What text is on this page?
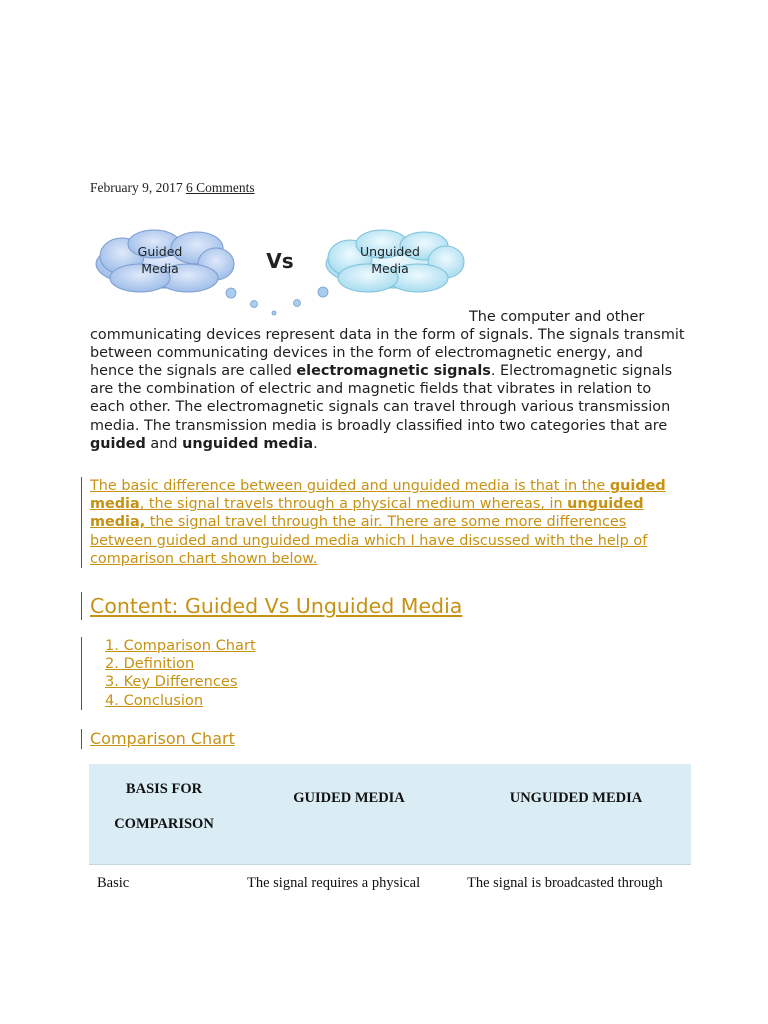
February 9, 2017 6 Comments
Guided
Media	Vs	Unguided
Media
The computer and other communicating devices represent data in the form of signals. The signals transmit between communicating devices in the form of electromagnetic energy, and hence the signals are called electromagnetic signals. Electromagnetic signals are the combination of electric and magnetic fields that vibrates in relation to each other. The electromagnetic signals can travel through various transmission media. The transmission media is broadly classified into two categories that are guided and unguided media.
The basic difference between guided and unguided media is that in the guided media, the signal travels through a physical medium whereas, in unguided media, the signal travel through the air. There are some more differences between guided and unguided media which I have discussed with the help of comparison chart shown below.
Content: Guided Vs Unguided Media
1. Comparison Chart
2. Definition
3. Key Differences
4. Conclusion
Comparison Chart
BASIS FOR
COMPARISON
GUIDED MEDIA	UNGUIDED MEDIA
Basic	The signal requires a physical	The signal is broadcasted through
